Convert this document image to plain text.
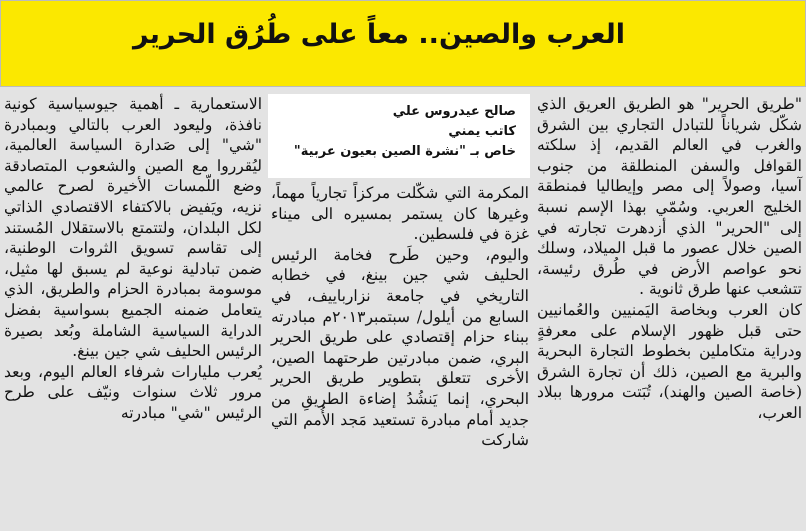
العرب والصين.. معاً على طُرُق الحرير

"طريق الحرير" هو الطريق العريق الذي شكّل شرياناً للتبادل التجاري بين الشرق والغرب في العالم القديم، إذ سلكته القوافل والسفن المنطلقة من جنوب آسيا، وصولاً إلى مصر وإيطاليا فمنطقة الخليج العربي. وسُمّي بهذا الإسم نسبة إلى "الحرير" الذي أزدهرت تجارته في الصين خلال عصور ما قبل الميلاد، وسلك نحو عواصم الأرض في طُرق رئيسة، تتشعب عنها طرق ثانوية .

كان العرب وبخاصة اليَمنيين والعُمانيين حتى قبل ظهور الإسلام على معرفةٍ ودراية متكاملين بخطوط التجارة البحرية والبرية مع الصين، ذلك أن تجارة الشرق (خاصة الصين والهند)، تُبَتت مرورها ببلاد العرب،

صالح عيدروس علي
كاتب يمني
خاص بـ "نشرة الصين بعيون عربية"

المكرمة التي شكّلت مركزاً تجارياً مهماً، وغيرها كان يستمر بمسيره الى ميناء غزة في فلسطين.

واليوم، وحين طَرح فخامة الرئيس الحليف شي جين بينغ، في خطابه التاريخي في جامعة نزارباييف، في السابع من أيلول/ سبتمبر٢٠١٣م مبادرته ببناء حزام إقتصادي على طريق الحرير البري، ضمن مبادرتين طرحتهما الصين، الأخرى تتعلق بتطوير طريق الحرير البحري، إنما يَنشُدُ إضاءة الطريقِ من جديد أمام مبادرة تستعيد مَجد الأُمم التي شاركت

الاستعمارية ـ أهمية جيوسياسية كونية نافذة، وليعود العرب بالتالي وبمبادرة "شي" إلى صَدارة السياسة العالمية، ليُقرروا مع الصين والشعوب المتصادقة وضع اللّمسات الأخيرة لصرح عالمي نزيه، ويَفيض بالاكتفاء الاقتصادي الذاتي لكل البلدان، ولتتمتع بالاستقلال المُستند إلى تقاسم تسويق الثروات الوطنية، ضمن تبادلية نوعية لم يسبق لها مثيل، موسومة بمبادرة الحزام والطريق، الذي يتعامل ضمنه الجميع بسواسية بفضل الدراية السياسية الشاملة وبُعد بصيرة الرئيس الحليف شي جين بينغ.

يُعرب مليارات شرفاء العالم اليوم، وبعد مرور ثلاث سنوات ونيّف على طرح الرئيس "شي" مبادرته
